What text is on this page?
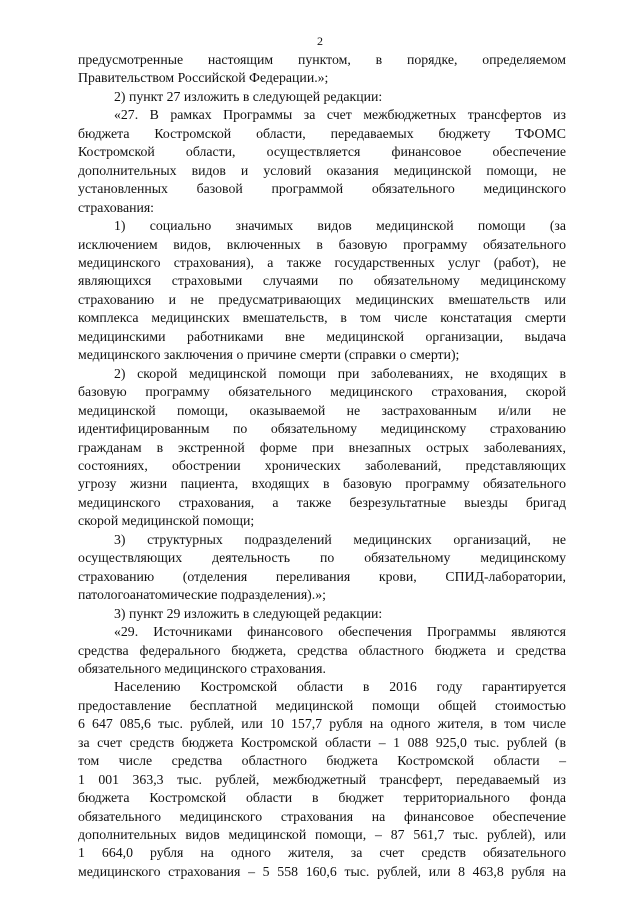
2

предусмотренные настоящим пунктом, в порядке, определяемом

Правительством Российской Федерации.»;

2) пункт 27 изложить в следующей редакции:

«27. В рамках Программы за счет межбюджетных трансфертов из

бюджета Костромской области, передаваемых бюджету ТФОМС

Костромской области, осуществляется финансовое обеспечение

дополнительных видов и условий оказания медицинской помощи, не

установленных базовой программой обязательного медицинского

страхования:

1) социально значимых видов медицинской помощи (за

исключением видов, включенных в базовую программу обязательного

медицинского страхования), а также государственных услуг (работ), не

являющихся страховыми случаями по обязательному медицинскому

страхованию и не предусматривающих медицинских вмешательств или

комплекса медицинских вмешательств, в том числе констатация смерти

медицинскими работниками вне медицинской организации, выдача

медицинского заключения о причине смерти (справки о смерти);

2) скорой медицинской помощи при заболеваниях, не входящих в

базовую программу обязательного медицинского страхования, скорой

медицинской помощи, оказываемой не застрахованным и/или не

идентифицированным по обязательному медицинскому страхованию

гражданам в экстренной форме при внезапных острых заболеваниях,

состояниях, обострении хронических заболеваний, представляющих

угрозу жизни пациента, входящих в базовую программу обязательного

медицинского страхования, а также безрезультатные выезды бригад

скорой медицинской помощи;

3) структурных подразделений медицинских организаций, не

осуществляющих деятельность по обязательному медицинскому

страхованию (отделения переливания крови, СПИД-лаборатории,

патологоанатомические подразделения).»;

3) пункт 29 изложить в следующей редакции:

«29. Источниками финансового обеспечения Программы являются

средства федерального бюджета, средства областного бюджета и средства

обязательного медицинского страхования.

Населению Костромской области в 2016 году гарантируется

предоставление бесплатной медицинской помощи общей стоимостью

6 647 085,6 тыс. рублей, или 10 157,7 рубля на одного жителя, в том числе

за счет средств бюджета Костромской области – 1 088 925,0 тыс. рублей (в

том числе средства областного бюджета Костромской области –

1 001 363,3 тыс. рублей, межбюджетный трансферт, передаваемый из

бюджета Костромской области в бюджет территориального фонда

обязательного медицинского страхования на финансовое обеспечение

дополнительных видов медицинской помощи, – 87 561,7 тыс. рублей), или

1 664,0 рубля на одного жителя, за счет средств обязательного

медицинского страхования – 5 558 160,6 тыс. рублей, или 8 463,8 рубля на
